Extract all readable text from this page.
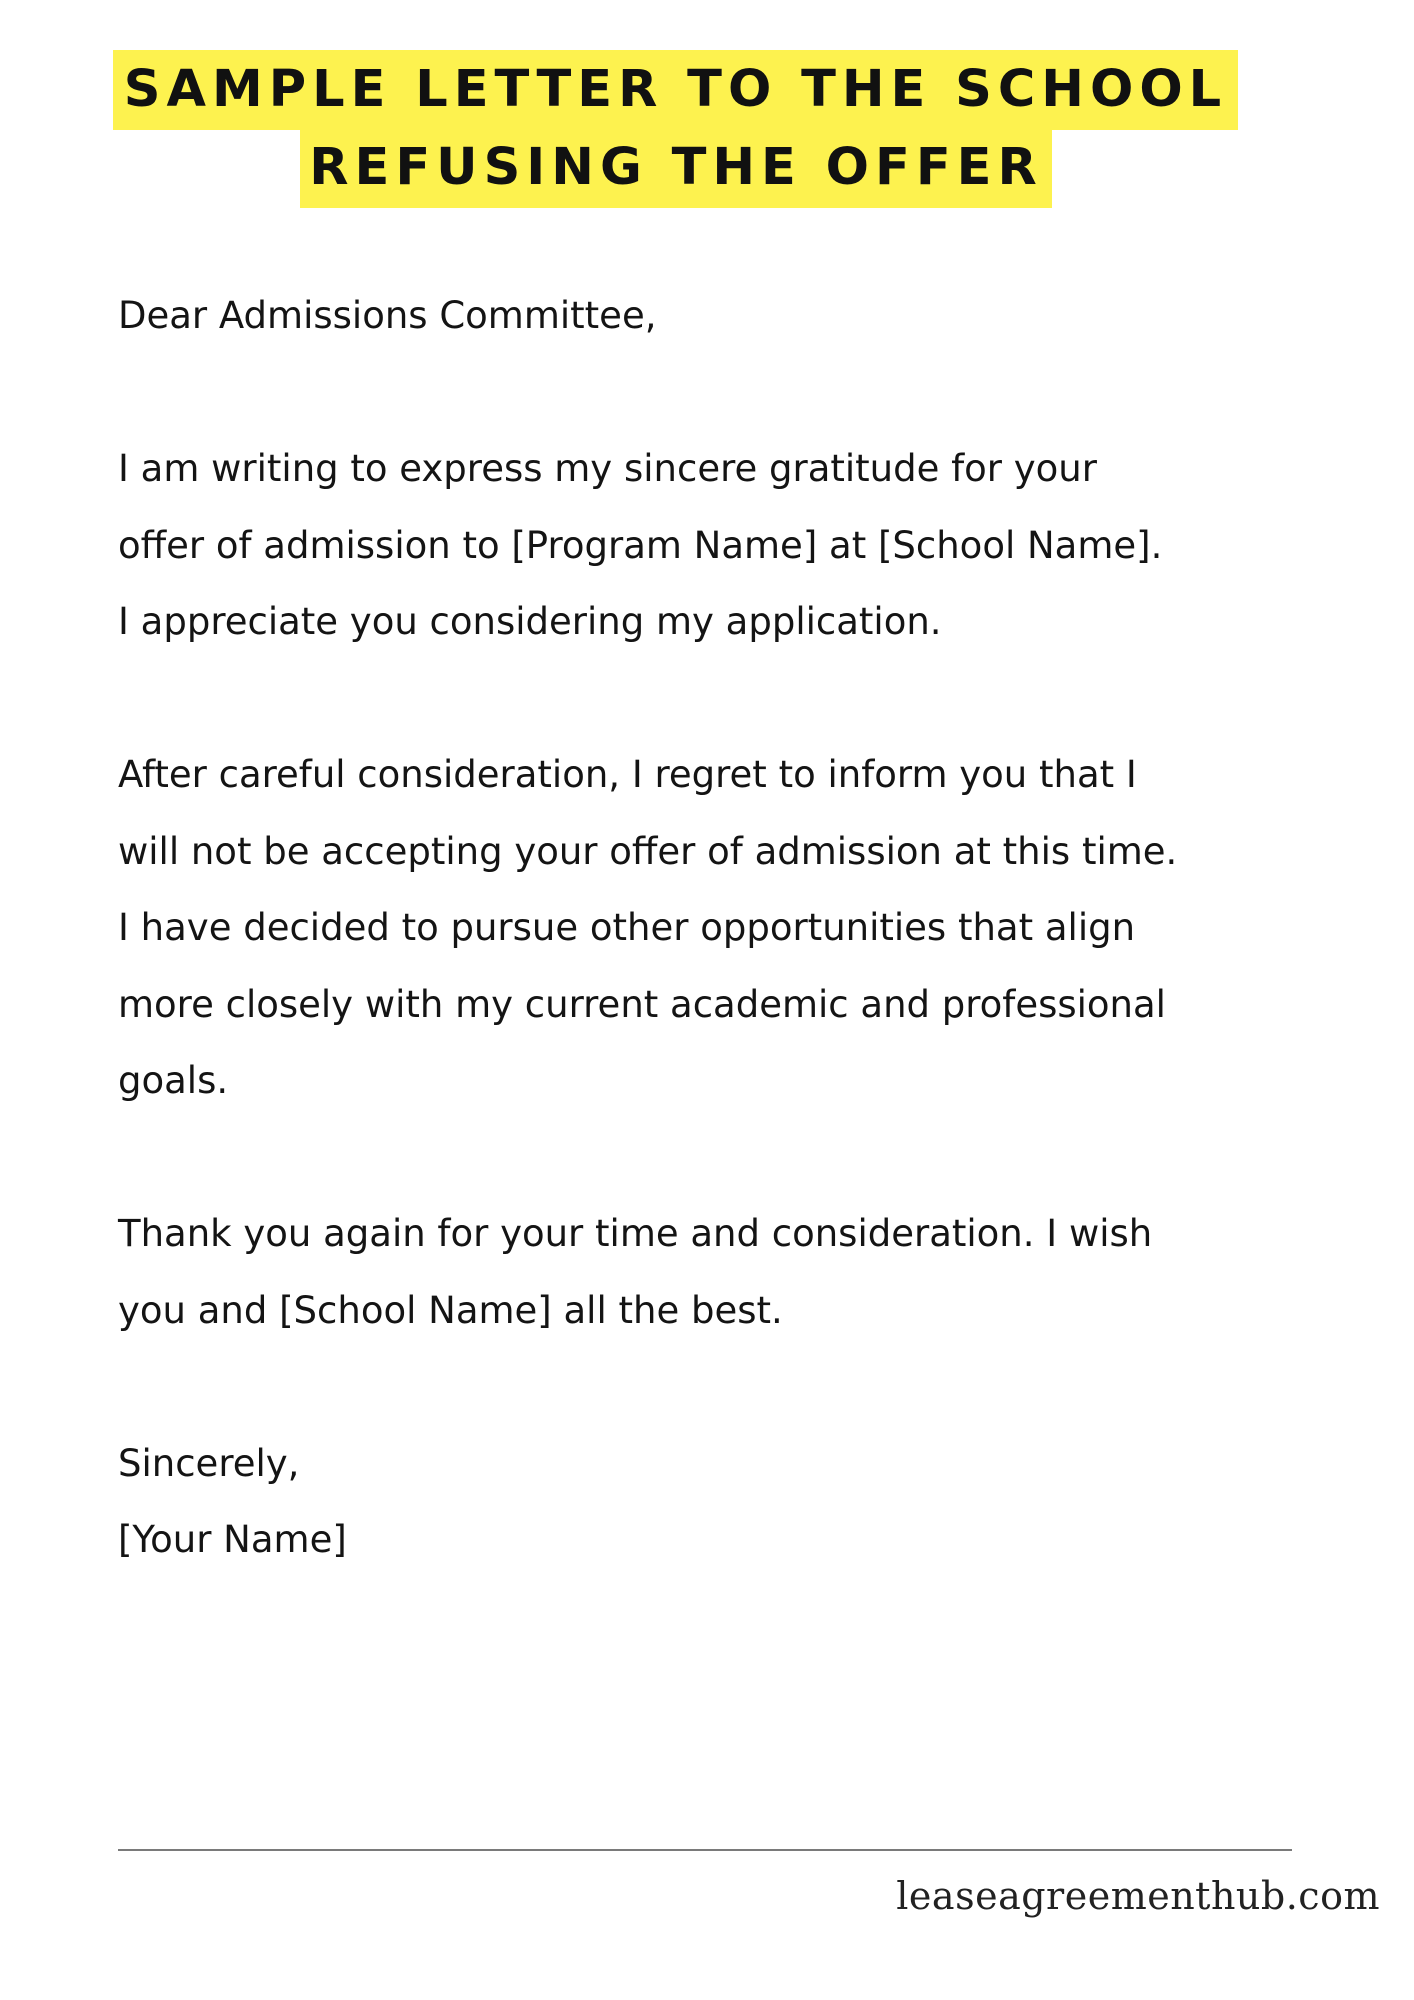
SAMPLE LETTER TO THE SCHOOL
REFUSING THE OFFER

Dear Admissions Committee,

I am writing to express my sincere gratitude for your

offer of admission to [Program Name] at [School Name].

I appreciate you considering my application.

After careful consideration, I regret to inform you that I

will not be accepting your offer of admission at this time.

I have decided to pursue other opportunities that align

more closely with my current academic and professional

goals.

Thank you again for your time and consideration. I wish

you and [School Name] all the best.

Sincerely,

[Your Name]

leaseagreementhub.com
